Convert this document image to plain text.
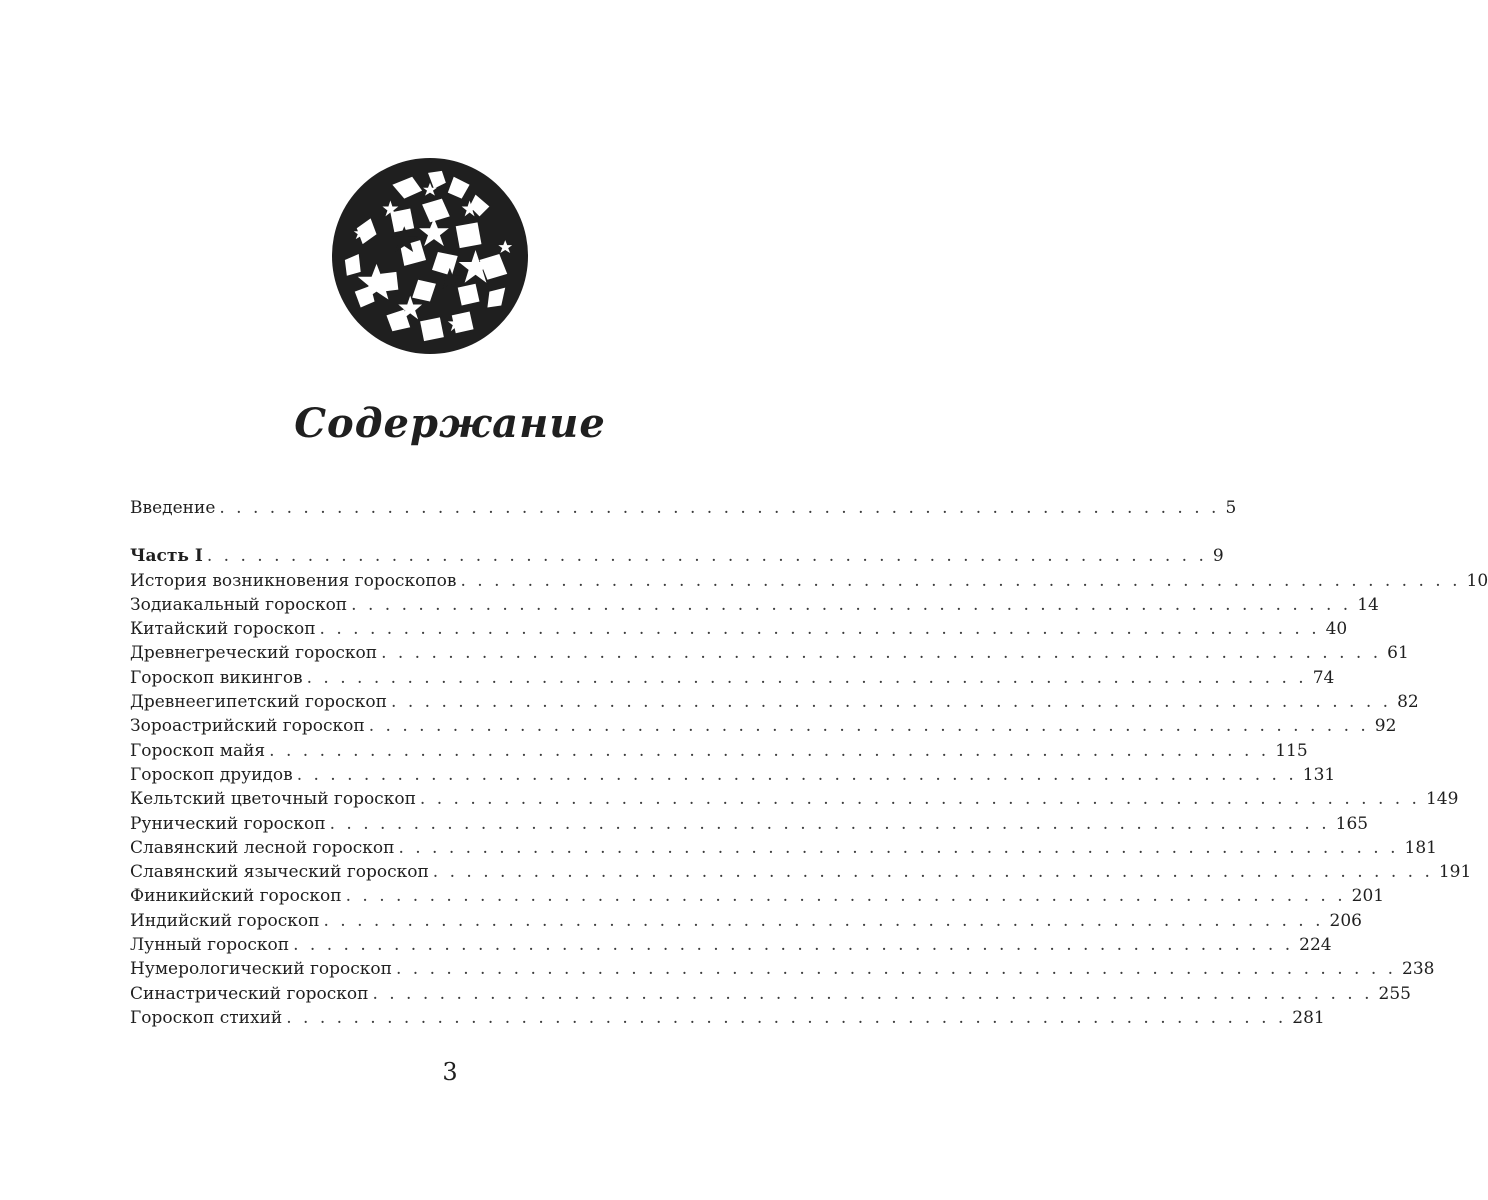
Содержание
Введение . . . . . . . . . . . . . . . . . . . . . . . . . . . . . . . . . . . . . . . . . . . . . . . . . . . . . . . . . . . . 5
Часть I . . . . . . . . . . . . . . . . . . . . . . . . . . . . . . . . . . . . . . . . . . . . . . . . . . . . . . . . . . . . 9
История возникновения гороскопов . . . . . . . . . . . . . . . . . . . . . . . . . . . . . . . . . . . . . . . . . . . . . . . . . . . . . . . . . . . . 10
Зодиакальный гороскоп . . . . . . . . . . . . . . . . . . . . . . . . . . . . . . . . . . . . . . . . . . . . . . . . . . . . . . . . . . . . 14
Китайский гороскоп . . . . . . . . . . . . . . . . . . . . . . . . . . . . . . . . . . . . . . . . . . . . . . . . . . . . . . . . . . . . 40
Древнегреческий гороскоп . . . . . . . . . . . . . . . . . . . . . . . . . . . . . . . . . . . . . . . . . . . . . . . . . . . . . . . . . . . . 61
Гороскоп викингов . . . . . . . . . . . . . . . . . . . . . . . . . . . . . . . . . . . . . . . . . . . . . . . . . . . . . . . . . . . . 74
Древнеегипетский гороскоп . . . . . . . . . . . . . . . . . . . . . . . . . . . . . . . . . . . . . . . . . . . . . . . . . . . . . . . . . . . . 82
Зороастрийский гороскоп . . . . . . . . . . . . . . . . . . . . . . . . . . . . . . . . . . . . . . . . . . . . . . . . . . . . . . . . . . . . 92
Гороскоп майя . . . . . . . . . . . . . . . . . . . . . . . . . . . . . . . . . . . . . . . . . . . . . . . . . . . . . . . . . . . . 115
Гороскоп друидов . . . . . . . . . . . . . . . . . . . . . . . . . . . . . . . . . . . . . . . . . . . . . . . . . . . . . . . . . . . . 131
Кельтский цветочный гороскоп . . . . . . . . . . . . . . . . . . . . . . . . . . . . . . . . . . . . . . . . . . . . . . . . . . . . . . . . . . . . 149
Рунический гороскоп . . . . . . . . . . . . . . . . . . . . . . . . . . . . . . . . . . . . . . . . . . . . . . . . . . . . . . . . . . . . 165
Славянский лесной гороскоп . . . . . . . . . . . . . . . . . . . . . . . . . . . . . . . . . . . . . . . . . . . . . . . . . . . . . . . . . . . . 181
Славянский языческий гороскоп . . . . . . . . . . . . . . . . . . . . . . . . . . . . . . . . . . . . . . . . . . . . . . . . . . . . . . . . . . . . 191
Финикийский гороскоп . . . . . . . . . . . . . . . . . . . . . . . . . . . . . . . . . . . . . . . . . . . . . . . . . . . . . . . . . . . . 201
Индийский гороскоп . . . . . . . . . . . . . . . . . . . . . . . . . . . . . . . . . . . . . . . . . . . . . . . . . . . . . . . . . . . . 206
Лунный гороскоп . . . . . . . . . . . . . . . . . . . . . . . . . . . . . . . . . . . . . . . . . . . . . . . . . . . . . . . . . . . . 224
Нумерологический гороскоп . . . . . . . . . . . . . . . . . . . . . . . . . . . . . . . . . . . . . . . . . . . . . . . . . . . . . . . . . . . . 238
Синастрический гороскоп . . . . . . . . . . . . . . . . . . . . . . . . . . . . . . . . . . . . . . . . . . . . . . . . . . . . . . . . . . . . 255
Гороскоп стихий . . . . . . . . . . . . . . . . . . . . . . . . . . . . . . . . . . . . . . . . . . . . . . . . . . . . . . . . . . . . 281
3
